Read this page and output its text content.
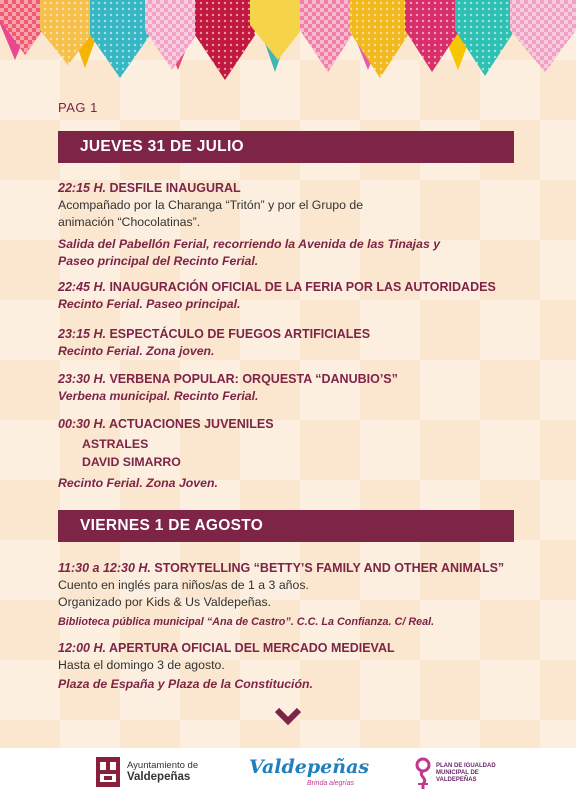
PAG 1
JUEVES 31 DE JULIO
22:15 H. DESFILE INAUGURAL
Acompañado por la Charanga “Tritón” y por el Grupo de
animación “Chocolatinas”.
Salida del Pabellón Ferial, recorriendo la Avenida de las Tinajas y
Paseo principal del Recinto Ferial.
22:45 H. INAUGURACIÓN OFICIAL DE LA FERIA POR LAS AUTORIDADES
Recinto Ferial. Paseo principal.
23:15 H. ESPECTÁCULO DE FUEGOS ARTIFICIALES
Recinto Ferial. Zona joven.
23:30 H. VERBENA POPULAR: ORQUESTA “DANUBIO’S”
Verbena municipal. Recinto Ferial.
00:30 H. ACTUACIONES JUVENILES
ASTRALES
DAVID SIMARRO
Recinto Ferial. Zona Joven.
VIERNES 1 DE AGOSTO
11:30 a 12:30 H. STORYTELLING “BETTY’S FAMILY AND OTHER ANIMALS”
Cuento en inglés para niños/as de 1 a 3 años.
Organizado por Kids & Us Valdepeñas.
Biblioteca pública municipal “Ana de Castro”. C.C. La Confianza. C/ Real.
12:00 H. APERTURA OFICIAL DEL MERCADO MEDIEVAL
Hasta el domingo 3 de agosto.
Plaza de España y Plaza de la Constitución.
Ayuntamiento de
Valdepeñas	Valdepeñas
Brinda alegrías
PLAN DE IGUALDAD
MUNICIPAL DE
VALDEPEÑAS
